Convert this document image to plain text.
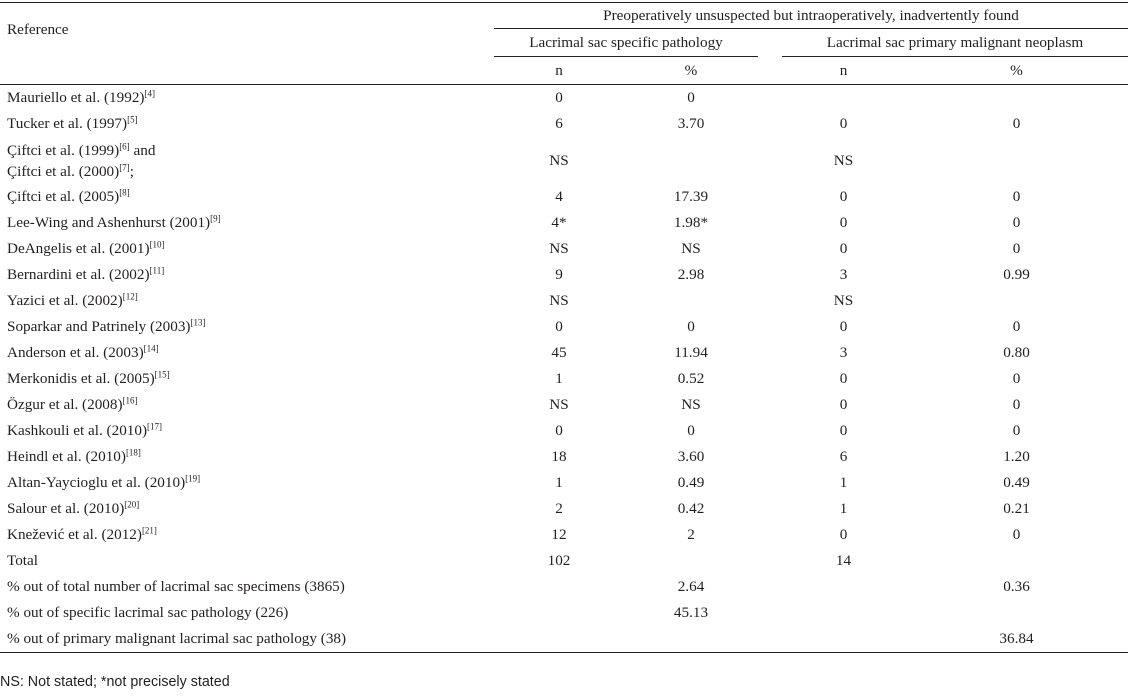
Reference	Preoperatively unsuspected but intraoperatively, inadvertently found				
	Lacrimal sac specific pathology			Lacrimal sac primary malignant neoplasm	
	n	%		n	%
Mauriello et al. (1992)[4]	0	0			
Tucker et al. (1997)[5]	6	3.70		0	0
Çiftci et al. (1999)[6] and
Çiftci et al. (2000)[7];	NS			NS	
Çiftci et al. (2005)[8]	4	17.39		0	0
Lee-Wing and Ashenhurst (2001)[9]	4*	1.98*		0	0
DeAngelis et al. (2001)[10]	NS	NS		0	0
Bernardini et al. (2002)[11]	9	2.98		3	0.99
Yazici et al. (2002)[12]	NS			NS	
Soparkar and Patrinely (2003)[13]	0	0		0	0
Anderson et al. (2003)[14]	45	11.94		3	0.80
Merkonidis et al. (2005)[15]	1	0.52		0	0
Özgur et al. (2008)[16]	NS	NS		0	0
Kashkouli et al. (2010)[17]	0	0		0	0
Heindl et al. (2010)[18]	18	3.60		6	1.20
Altan-Yaycioglu et al. (2010)[19]	1	0.49		1	0.49
Salour et al. (2010)[20]	2	0.42		1	0.21
Knežević et al. (2012)[21]	12	2		0	0
Total	102			14	
% out of total number of lacrimal sac specimens (3865)		2.64			0.36
% out of specific lacrimal sac pathology (226)		45.13			
% out of primary malignant lacrimal sac pathology (38)					36.84
NS: Not stated; *not precisely stated
